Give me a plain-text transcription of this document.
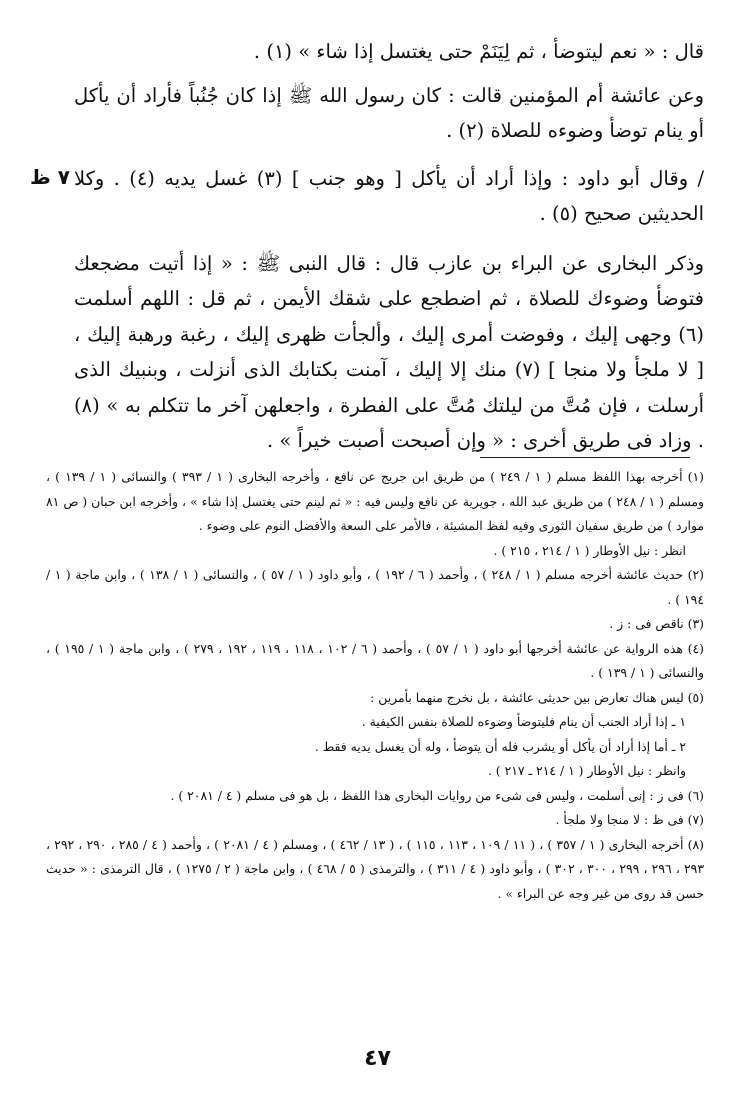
٧ ظ

قال : « نعم ليتوضأ ، ثم لِيَنَمْ حتى يغتسل إذا شاء » (١) .

وعن عائشة أم المؤمنين قالت : كان رسول الله ﷺ إذا كان جُنُباً فأراد أن يأكل أو ينام توضأ وضوءه للصلاة (٢) .

/ وقال أبو داود : وإذا أراد أن يأكل [ وهو جنب ] (٣) غسل يديه (٤) . وكلا الحديثين صحيح (٥) .

وذكر البخارى عن البراء بن عازب قال : قال النبى ﷺ : « إذا أتيت مضجعك فتوضأ وضوءك للصلاة ، ثم اضطجع على شقك الأيمن ، ثم قل : اللهم أسلمت (٦) وجهى إليك ، وفوضت أمرى إليك ، وألجأت ظهرى إليك ، رغبة ورهبة إليك ، [ لا ملجأ ولا منجا ] (٧) منك إلا إليك ، آمنت بكتابك الذى أنزلت ، وبنبيك الذى أرسلت ، فإن مُتَّ من ليلتك مُتَّ على الفطرة ، واجعلهن آخر ما تتكلم به » (٨) . وزاد فى طريق أخرى : « وإن أصبحت أصبت خيراً » .

(١) أخرجه بهذا اللفظ مسلم ( ١ / ٢٤٩ ) من طريق ابن جريج عن نافع ، وأخرجه البخارى ( ١ / ٣٩٣ ) والنسائى ( ١ / ١٣٩ ) ، ومسلم ( ١ / ٢٤٨ ) من طريق عبد الله ، جويرية عن نافع وليس فيه : « ثم لينم حتى يغتسل إذا شاء » ، وأخرجه ابن حبان ( ص ٨١ موارد ) من طريق سفيان الثورى وفيه لفظ المشيئة ، فالأمر على السعة والأفضل النوم على وضوء .
انظر : نيل الأوطار ( ١ / ٢١٤ ، ٢١٥ ) .

(٢) حديث عائشة أخرجه مسلم ( ١ / ٢٤٨ ) ، وأحمد ( ٦ / ١٩٢ ) ، وأبو داود ( ١ / ٥٧ ) ، والنسائى ( ١ / ١٣٨ ) ، وابن ماجة ( ١ / ١٩٤ ) .

(٣) ناقص فى : ز .

(٤) هذه الرواية عن عائشة أخرجها أبو داود ( ١ / ٥٧ ) ، وأحمد ( ٦ / ١٠٢ ، ١١٨ ، ١١٩ ، ١٩٢ ، ٢٧٩ ) ، وابن ماجة ( ١ / ١٩٥ ) ، والنسائى ( ١ / ١٣٩ ) .

(٥) ليس هناك تعارض بين حديثى عائشة ، بل نخرج منهما بأمرين :
١ ـ إذا أراد الجنب أن ينام فليتوضأ وضوءه للصلاة بنفس الكيفية .
٢ ـ أما إذا أراد أن يأكل أو يشرب فله أن يتوضأ ، وله أن يغسل يديه فقط .
وانظر : نيل الأوطار ( ١ / ٢١٤ ـ ٢١٧ ) .

(٦) فى ز : إنى أسلمت ، وليس فى شىء من روايات البخارى هذا اللفظ ، بل هو فى مسلم ( ٤ / ٢٠٨١ ) .

(٧) فى ظ : لا منجا ولا ملجأ .

(٨) أخرجه البخارى ( ١ / ٣٥٧ ) ، ( ١١ / ١٠٩ ، ١١٣ ، ١١٥ ) ، ( ١٣ / ٤٦٢ ) ، ومسلم ( ٤ / ٢٠٨١ ) ، وأحمد ( ٤ / ٢٨٥ ، ٢٩٠ ، ٢٩٢ ، ٢٩٣ ، ٢٩٦ ، ٢٩٩ ، ٣٠٠ ، ٣٠٢ ) ، وأبو داود ( ٤ / ٣١١ ) ، والترمذى ( ٥ / ٤٦٨ ) ، وابن ماجة ( ٢ / ١٢٧٥ ) ، قال الترمذى : « حديث حسن قد روى من غير وجه عن البراء » .

٤٧
